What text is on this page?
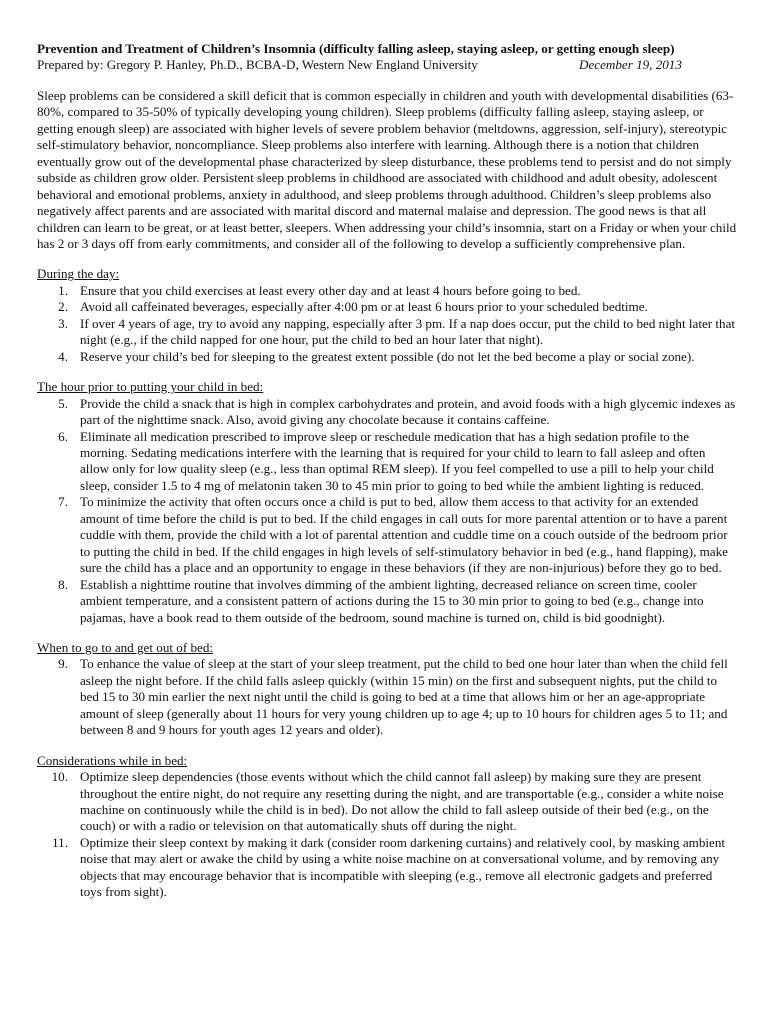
Prevention and Treatment of Children’s Insomnia (difficulty falling asleep, staying asleep, or getting enough sleep)

Prepared by: Gregory P. Hanley, Ph.D., BCBA-D, Western New England University	December 19, 2013

Sleep problems can be considered a skill deficit that is common especially in children and youth with developmental disabilities (63-80%, compared to 35-50% of typically developing young children). Sleep problems (difficulty falling asleep, staying asleep, or getting enough sleep) are associated with higher levels of severe problem behavior (meltdowns, aggression, self-injury), stereotypic self-stimulatory behavior, noncompliance. Sleep problems also interfere with learning. Although there is a notion that children eventually grow out of the developmental phase characterized by sleep disturbance, these problems tend to persist and do not simply subside as children grow older. Persistent sleep problems in childhood are associated with childhood and adult obesity, adolescent behavioral and emotional problems, anxiety in adulthood, and sleep problems through adulthood. Children’s sleep problems also negatively affect parents and are associated with marital discord and maternal malaise and depression. The good news is that all children can learn to be great, or at least better, sleepers. When addressing your child’s insomnia, start on a Friday or when your child has 2 or 3 days off from early commitments, and consider all of the following to develop a sufficiently comprehensive plan.

During the day:

1. Ensure that you child exercises at least every other day and at least 4 hours before going to bed.
2. Avoid all caffeinated beverages, especially after 4:00 pm or at least 6 hours prior to your scheduled bedtime.
3. If over 4 years of age, try to avoid any napping, especially after 3 pm. If a nap does occur, put the child to bed night later that night (e.g., if the child napped for one hour, put the child to bed an hour later that night).
4. Reserve your child’s bed for sleeping to the greatest extent possible (do not let the bed become a play or social zone).

The hour prior to putting your child in bed:

5. Provide the child a snack that is high in complex carbohydrates and protein, and avoid foods with a high glycemic indexes as part of the nighttime snack. Also, avoid giving any chocolate because it contains caffeine.
6. Eliminate all medication prescribed to improve sleep or reschedule medication that has a high sedation profile to the morning. Sedating medications interfere with the learning that is required for your child to learn to fall asleep and often allow only for low quality sleep (e.g., less than optimal REM sleep). If you feel compelled to use a pill to help your child sleep, consider 1.5 to 4 mg of melatonin taken 30 to 45 min prior to going to bed while the ambient lighting is reduced.
7. To minimize the activity that often occurs once a child is put to bed, allow them access to that activity for an extended amount of time before the child is put to bed. If the child engages in call outs for more parental attention or to have a parent cuddle with them, provide the child with a lot of parental attention and cuddle time on a couch outside of the bedroom prior to putting the child in bed. If the child engages in high levels of self-stimulatory behavior in bed (e.g., hand flapping), make sure the child has a place and an opportunity to engage in these behaviors (if they are non-injurious) before they go to bed.
8. Establish a nighttime routine that involves dimming of the ambient lighting, decreased reliance on screen time, cooler ambient temperature, and a consistent pattern of actions during the 15 to 30 min prior to going to bed (e.g., change into pajamas, have a book read to them outside of the bedroom, sound machine is turned on, child is bid goodnight).

When to go to and get out of bed:

9. To enhance the value of sleep at the start of your sleep treatment, put the child to bed one hour later than when the child fell asleep the night before. If the child falls asleep quickly (within 15 min) on the first and subsequent nights, put the child to bed 15 to 30 min earlier the next night until the child is going to bed at a time that allows him or her an age-appropriate amount of sleep (generally about 11 hours for very young children up to age 4; up to 10 hours for children ages 5 to 11; and between 8 and 9 hours for youth ages 12 years and older).

Considerations while in bed:

10. Optimize sleep dependencies (those events without which the child cannot fall asleep) by making sure they are present throughout the entire night, do not require any resetting during the night, and are transportable (e.g., consider a white noise machine on continuously while the child is in bed). Do not allow the child to fall asleep outside of their bed (e.g., on the couch) or with a radio or television on that automatically shuts off during the night.
11. Optimize their sleep context by making it dark (consider room darkening curtains) and relatively cool, by masking ambient noise that may alert or awake the child by using a white noise machine on at conversational volume, and by removing any objects that may encourage behavior that is incompatible with sleeping (e.g., remove all electronic gadgets and preferred toys from sight).
